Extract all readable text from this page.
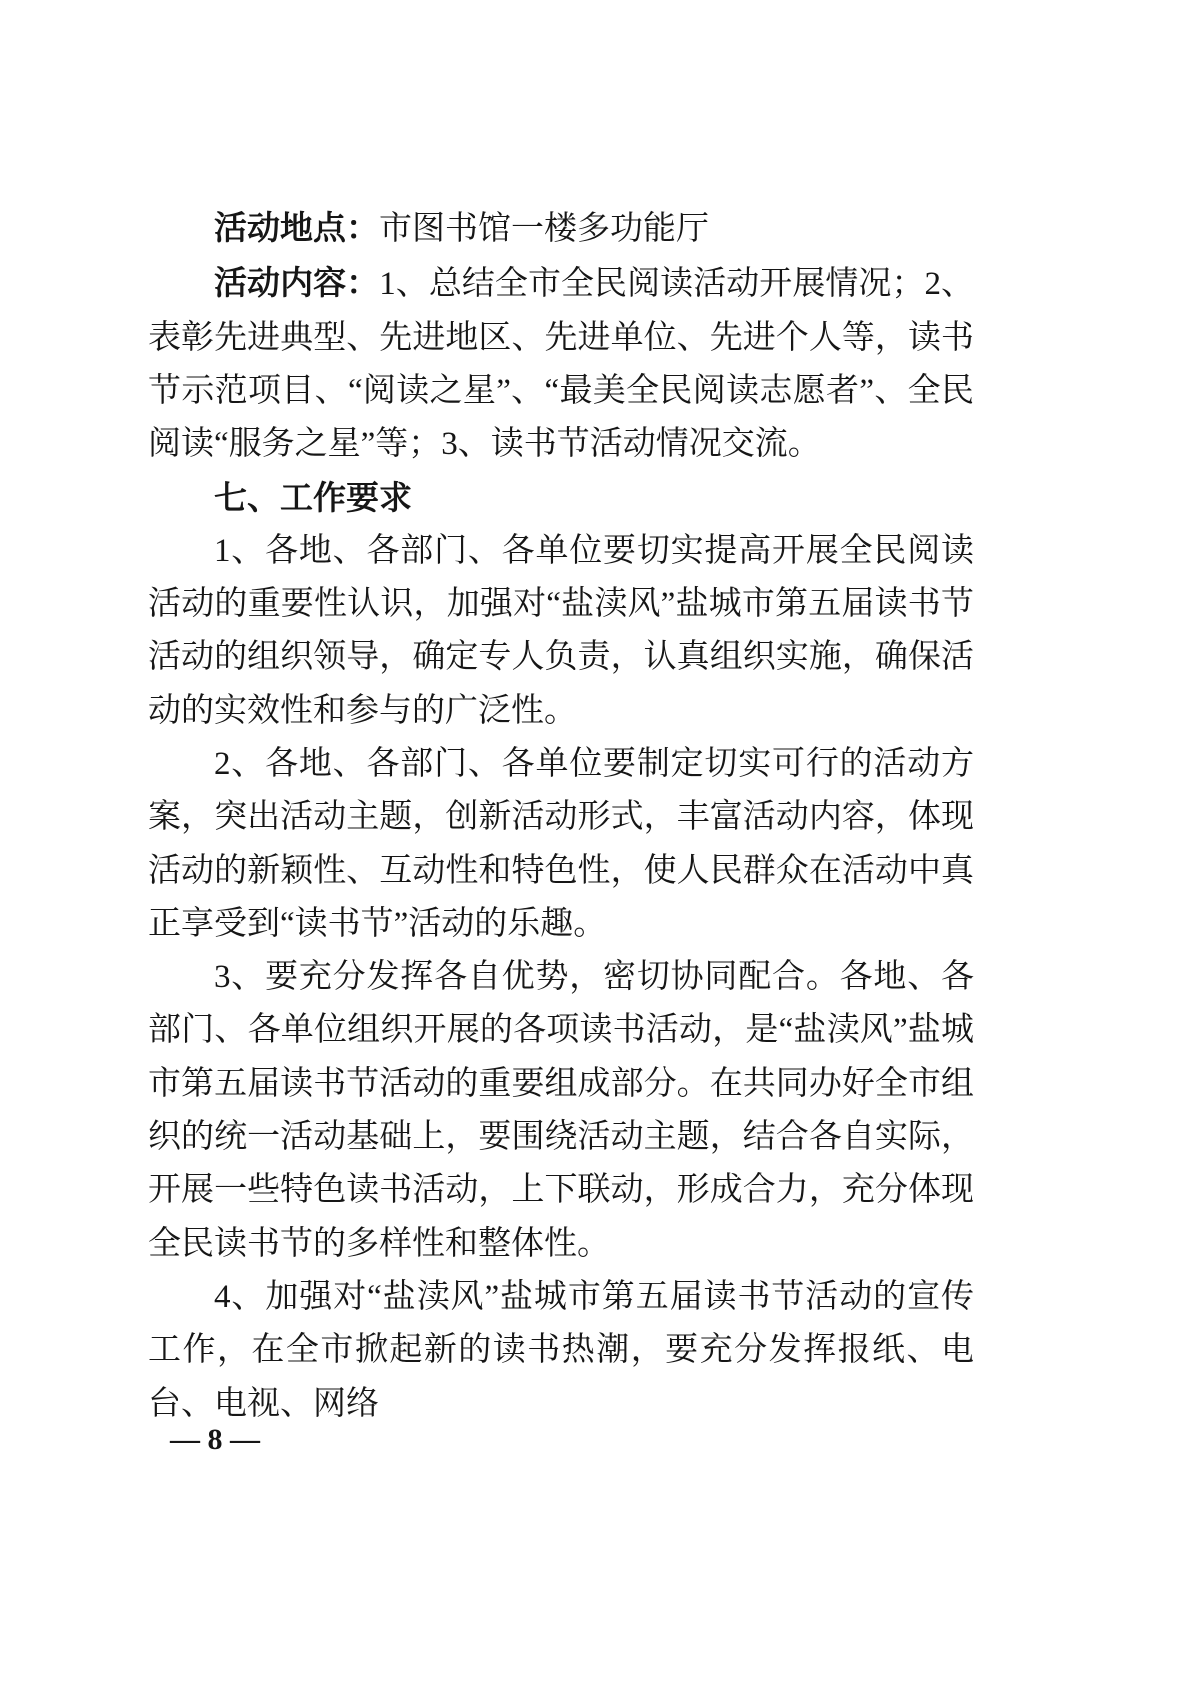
活动地点：市图书馆一楼多功能厅

活动内容：1、总结全市全民阅读活动开展情况；2、表彰先进典型、先进地区、先进单位、先进个人等，读书节示范项目、“阅读之星”、“最美全民阅读志愿者”、全民阅读“服务之星”等；3、读书节活动情况交流。

七、工作要求

1、各地、各部门、各单位要切实提高开展全民阅读活动的重要性认识，加强对“盐渎风”盐城市第五届读书节活动的组织领导，确定专人负责，认真组织实施，确保活动的实效性和参与的广泛性。

2、各地、各部门、各单位要制定切实可行的活动方案，突出活动主题，创新活动形式，丰富活动内容，体现活动的新颖性、互动性和特色性，使人民群众在活动中真正享受到“读书节”活动的乐趣。

3、要充分发挥各自优势，密切协同配合。各地、各部门、各单位组织开展的各项读书活动，是“盐渎风”盐城市第五届读书节活动的重要组成部分。在共同办好全市组织的统一活动基础上，要围绕活动主题，结合各自实际，开展一些特色读书活动，上下联动，形成合力，充分体现全民读书节的多样性和整体性。

4、加强对“盐渎风”盐城市第五届读书节活动的宣传工作，在全市掀起新的读书热潮，要充分发挥报纸、电台、电视、网络

— 8 —
